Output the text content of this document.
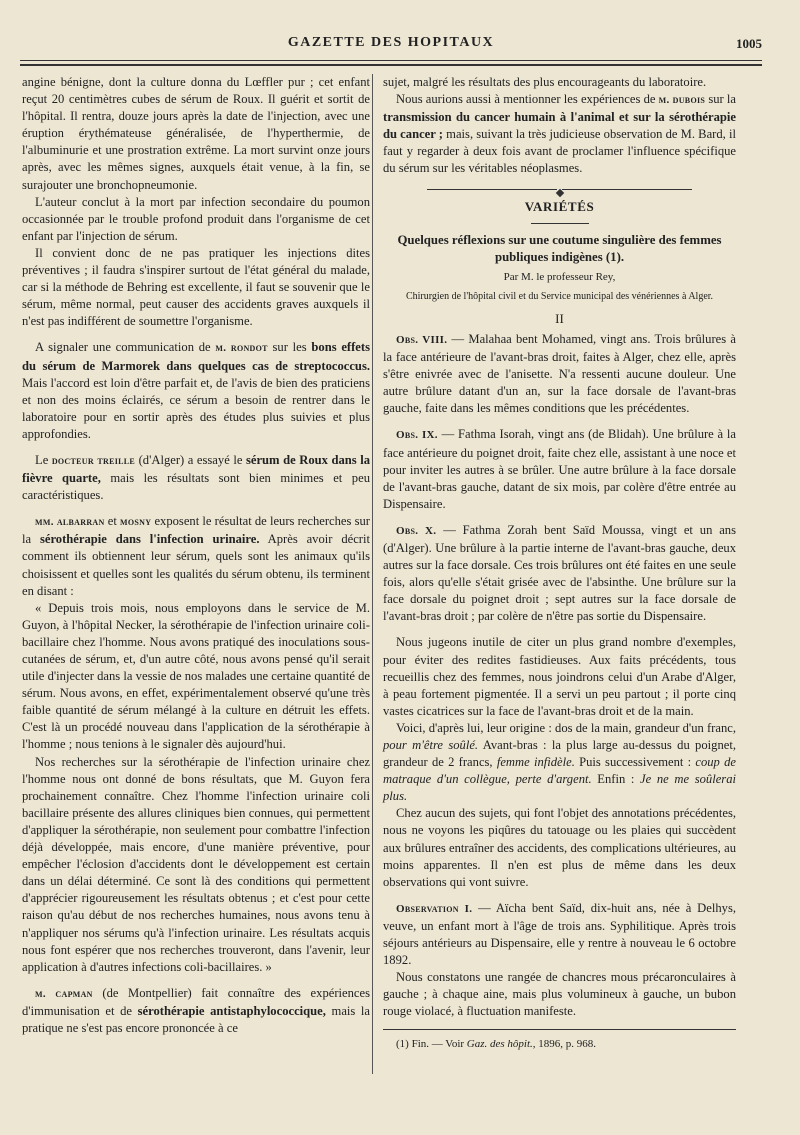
GAZETTE DES HOPITAUX	1005

angine bénigne, dont la culture donna du Lœffler pur ; cet enfant reçut 20 centimètres cubes de sérum de Roux. Il guérit et sortit de l'hôpital. Il rentra, douze jours après la date de l'injection, avec une éruption érythémateuse généralisée, de l'hyperthermie, de l'albuminurie et une prostration extrême. La mort survint onze jours après, avec les mêmes signes, auxquels était venue, à la fin, se surajouter une bronchopneumonie.

L'auteur conclut à la mort par infection secondaire du poumon occasionnée par le trouble profond produit dans l'organisme de cet enfant par l'injection de sérum.

Il convient donc de ne pas pratiquer les injections dites préventives ; il faudra s'inspirer surtout de l'état général du malade, car si la méthode de Behring est excellente, il faut se souvenir que le sérum, même normal, peut causer des accidents graves auxquels il n'est pas indifférent de soumettre l'organisme.

A signaler une communication de m. rondot sur les bons effets du sérum de Marmorek dans quelques cas de streptococcus. Mais l'accord est loin d'être parfait et, de l'avis de bien des praticiens et non des moins éclairés, ce sérum a besoin de rentrer dans le laboratoire pour en sortir après des études plus suivies et plus approfondies.

Le docteur treille (d'Alger) a essayé le sérum de Roux dans la fièvre quarte, mais les résultats sont bien minimes et peu caractéristiques.

mm. albarran et mosny exposent le résultat de leurs recherches sur la sérothérapie dans l'infection urinaire. Après avoir décrit comment ils obtiennent leur sérum, quels sont les animaux qu'ils choisissent et quelles sont les qualités du sérum obtenu, ils terminent en disant :

« Depuis trois mois, nous employons dans le service de M. Guyon, à l'hôpital Necker, la sérothérapie de l'infection urinaire coli-bacillaire chez l'homme. Nous avons pratiqué des inoculations sous-cutanées de sérum, et, d'un autre côté, nous avons pensé qu'il serait utile d'injecter dans la vessie de nos malades une certaine quantité de sérum. Nous avons, en effet, expérimentalement observé qu'une très faible quantité de sérum mélangé à la culture en détruit les effets. C'est là un procédé nouveau dans l'application de la sérothérapie à l'homme ; nous tenions à le signaler dès aujourd'hui.

Nos recherches sur la sérothérapie de l'infection urinaire chez l'homme nous ont donné de bons résultats, que M. Guyon fera prochainement connaître. Chez l'homme l'infection urinaire coli bacillaire présente des allures cliniques bien connues, qui permettent d'appliquer la sérothérapie, non seulement pour combattre l'infection déjà développée, mais encore, d'une manière préventive, pour empêcher l'éclosion d'accidents dont le développement est certain dans un délai déterminé. Ce sont là des conditions qui permettent d'apprécier rigoureusement les résultats obtenus ; et c'est pour cette raison qu'au début de nos recherches humaines, nous avons tenu à n'appliquer nos sérums qu'à l'infection urinaire. Les résultats acquis nous font espérer que nos recherches trouveront, dans l'avenir, leur application à d'autres infections coli-bacillaires. »

m. capman (de Montpellier) fait connaître des expériences d'immunisation et de sérothérapie antistaphylococcique, mais la pratique ne s'est pas encore prononcée à ce

sujet, malgré les résultats des plus encourageants du laboratoire.

Nous aurions aussi à mentionner les expériences de m. dubois sur la transmission du cancer humain à l'animal et sur la sérothérapie du cancer ; mais, suivant la très judicieuse observation de M. Bard, il faut y regarder à deux fois avant de proclamer l'influence spécifique du sérum sur les véritables néoplasmes.

VARIÉTÉS
Quelques réflexions sur une coutume singulière des femmes publiques indigènes (1).
Par M. le professeur Rey,
Chirurgien de l'hôpital civil et du Service municipal des vénériennes à Alger.
II

Obs. VIII. — Malahaa bent Mohamed, vingt ans. Trois brûlures à la face antérieure de l'avant-bras droit, faites à Alger, chez elle, après s'être enivrée avec de l'anisette. N'a ressenti aucune douleur. Une autre brûlure datant d'un an, sur la face dorsale de l'avant-bras gauche, faite dans les mêmes conditions que les précédentes.

Obs. IX. — Fathma Isorah, vingt ans (de Blidah). Une brûlure à la face antérieure du poignet droit, faite chez elle, assistant à une noce et pour inviter les autres à se brûler. Une autre brûlure à la face dorsale de l'avant-bras gauche, datant de six mois, par colère d'être entrée au Dispensaire.

Obs. X. — Fathma Zorah bent Saïd Moussa, vingt et un ans (d'Alger). Une brûlure à la partie interne de l'avant-bras gauche, deux autres sur la face dorsale. Ces trois brûlures ont été faites en une seule fois, alors qu'elle s'était grisée avec de l'absinthe. Une brûlure sur la face dorsale du poignet droit ; sept autres sur la face dorsale de l'avant-bras droit ; par colère de n'être pas sortie du Dispensaire.

Nous jugeons inutile de citer un plus grand nombre d'exemples, pour éviter des redites fastidieuses. Aux faits précédents, tous recueillis chez des femmes, nous joindrons celui d'un Arabe d'Alger, à peau fortement pigmentée. Il a servi un peu partout ; il porte cinq vastes cicatrices sur la face de l'avant-bras droit et de la main.

Voici, d'après lui, leur origine : dos de la main, grandeur d'un franc, pour m'être soûlé. Avant-bras : la plus large au-dessus du poignet, grandeur de 2 francs, femme infidèle. Puis successivement : coup de matraque d'un collègue, perte d'argent. Enfin : Je ne me soûlerai plus.

Chez aucun des sujets, qui font l'objet des annotations précédentes, nous ne voyons les piqûres du tatouage ou les plaies qui succèdent aux brûlures entraîner des accidents, des complications ultérieures, au moins apparentes. Il n'en est plus de même dans les deux observations qui vont suivre.

Observation I. — Aïcha bent Saïd, dix-huit ans, née à Delhys, veuve, un enfant mort à l'âge de trois ans. Syphilitique. Après trois séjours antérieurs au Dispensaire, elle y rentre à nouveau le 6 octobre 1892.

Nous constatons une rangée de chancres mous précaronculaires à gauche ; à chaque aine, mais plus volumineux à gauche, un bubon rouge violacé, à fluctuation manifeste.

(1) Fin. — Voir Gaz. des hôpit., 1896, p. 968.
